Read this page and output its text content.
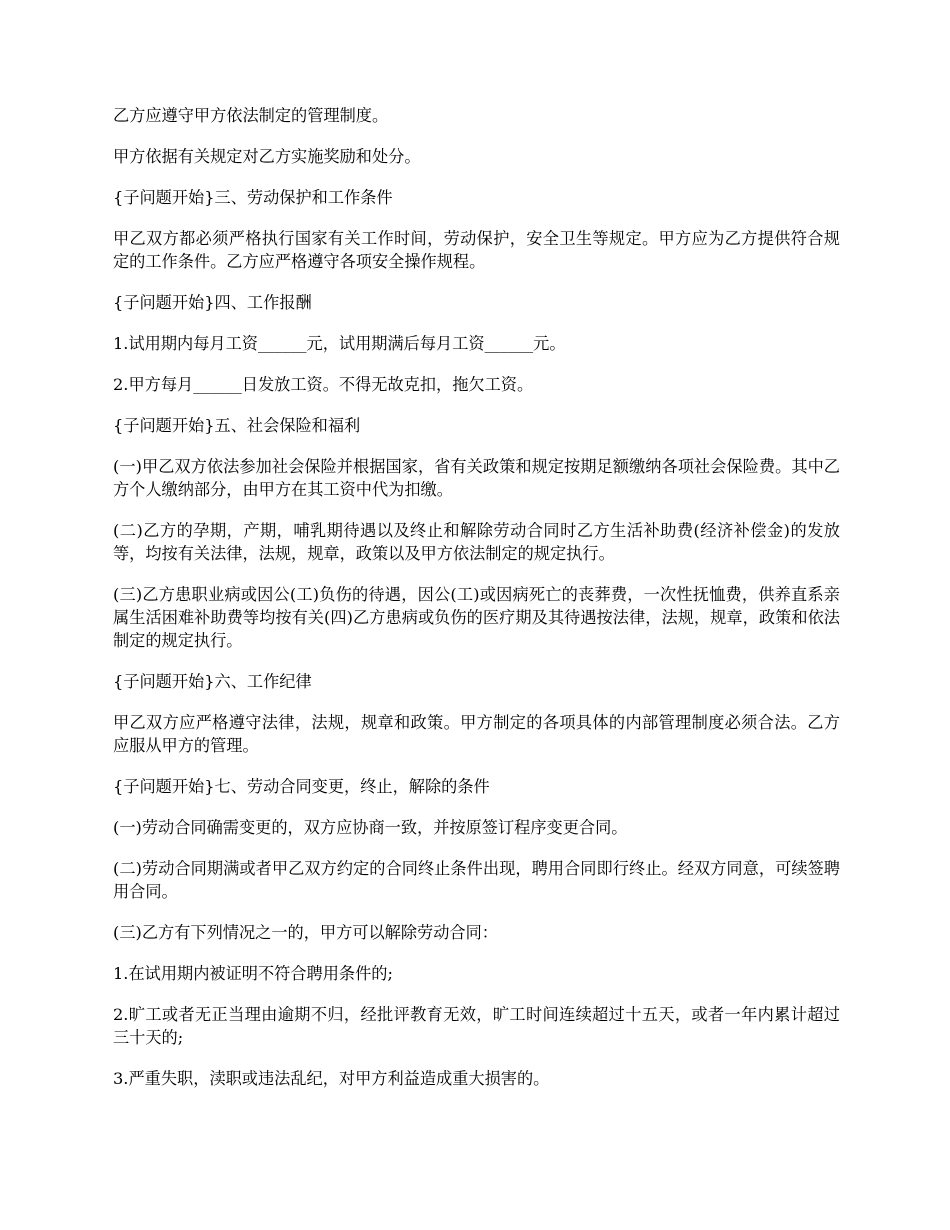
乙方应遵守甲方依法制定的管理制度。

甲方依据有关规定对乙方实施奖励和处分。

{子问题开始}三、劳动保护和工作条件

甲乙双方都必须严格执行国家有关工作时间，劳动保护，安全卫生等规定。甲方应为乙方提供符合规定的工作条件。乙方应严格遵守各项安全操作规程。

{子问题开始}四、工作报酬

1.试用期内每月工资______元，试用期满后每月工资______元。

2.甲方每月______日发放工资。不得无故克扣，拖欠工资。

{子问题开始}五、社会保险和福利

(一)甲乙双方依法参加社会保险并根据国家，省有关政策和规定按期足额缴纳各项社会保险费。其中乙方个人缴纳部分，由甲方在其工资中代为扣缴。

(二)乙方的孕期，产期，哺乳期待遇以及终止和解除劳动合同时乙方生活补助费(经济补偿金)的发放等，均按有关法律，法规，规章，政策以及甲方依法制定的规定执行。

(三)乙方患职业病或因公(工)负伤的待遇，因公(工)或因病死亡的丧葬费，一次性抚恤费，供养直系亲属生活困难补助费等均按有关(四)乙方患病或负伤的医疗期及其待遇按法律，法规，规章，政策和依法制定的规定执行。

{子问题开始}六、工作纪律

甲乙双方应严格遵守法律，法规，规章和政策。甲方制定的各项具体的内部管理制度必须合法。乙方应服从甲方的管理。

{子问题开始}七、劳动合同变更，终止，解除的条件

(一)劳动合同确需变更的，双方应协商一致，并按原签订程序变更合同。

(二)劳动合同期满或者甲乙双方约定的合同终止条件出现，聘用合同即行终止。经双方同意，可续签聘用合同。

(三)乙方有下列情况之一的，甲方可以解除劳动合同：

1.在试用期内被证明不符合聘用条件的;

2.旷工或者无正当理由逾期不归，经批评教育无效，旷工时间连续超过十五天，或者一年内累计超过三十天的;

3.严重失职，渎职或违法乱纪，对甲方利益造成重大损害的。
